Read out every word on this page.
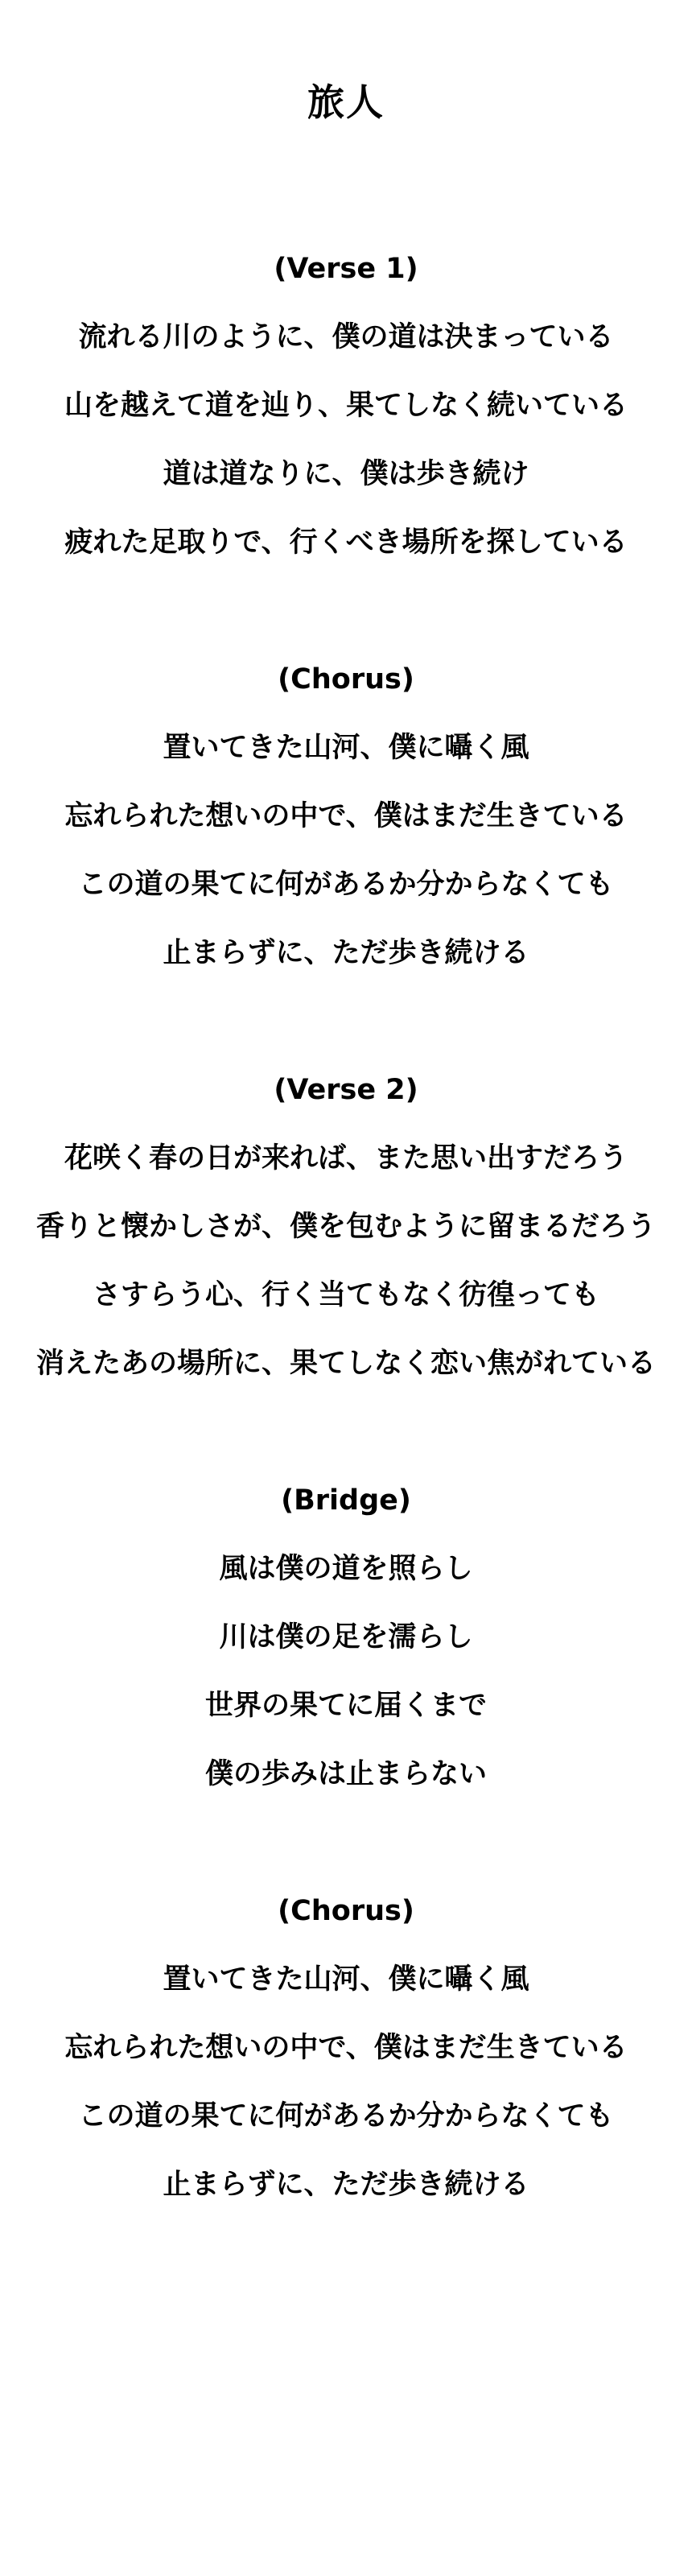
旅人

(Verse 1)

流れる川のように、僕の道は決まっている

山を越えて道を辿り、果てしなく続いている

道は道なりに、僕は歩き続け

疲れた足取りで、行くべき場所を探している

(Chorus)

置いてきた山河、僕に囁く風

忘れられた想いの中で、僕はまだ生きている

この道の果てに何があるか分からなくても

止まらずに、ただ歩き続ける

(Verse 2)

花咲く春の日が来れば、また思い出すだろう

香りと懐かしさが、僕を包むように留まるだろう

さすらう心、行く当てもなく彷徨っても

消えたあの場所に、果てしなく恋い焦がれている

(Bridge)

風は僕の道を照らし

川は僕の足を濡らし

世界の果てに届くまで

僕の歩みは止まらない

(Chorus)

置いてきた山河、僕に囁く風

忘れられた想いの中で、僕はまだ生きている

この道の果てに何があるか分からなくても

止まらずに、ただ歩き続ける
